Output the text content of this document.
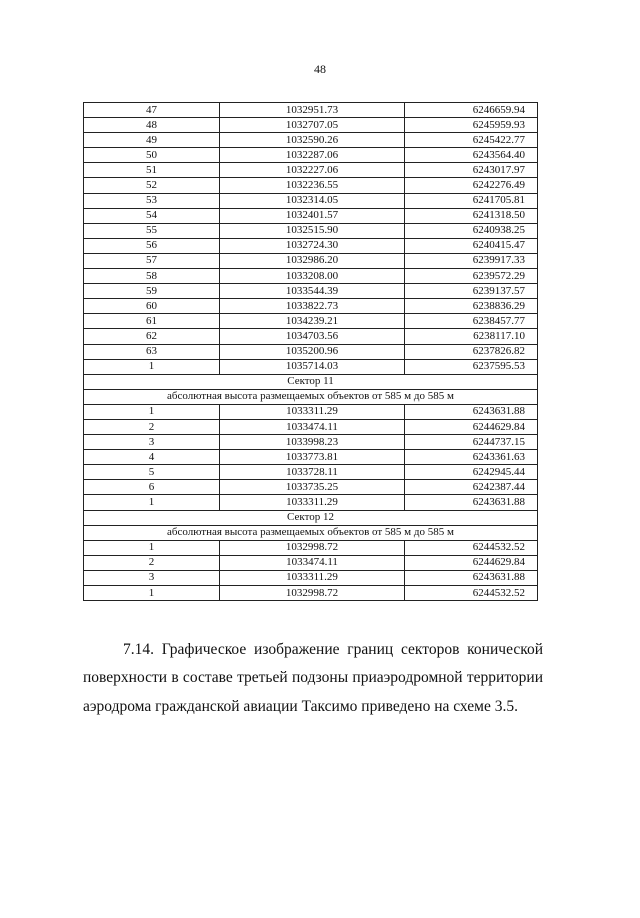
48
47	1032951.73	6246659.94
48	1032707.05	6245959.93
49	1032590.26	6245422.77
50	1032287.06	6243564.40
51	1032227.06	6243017.97
52	1032236.55	6242276.49
53	1032314.05	6241705.81
54	1032401.57	6241318.50
55	1032515.90	6240938.25
56	1032724.30	6240415.47
57	1032986.20	6239917.33
58	1033208.00	6239572.29
59	1033544.39	6239137.57
60	1033822.73	6238836.29
61	1034239.21	6238457.77
62	1034703.56	6238117.10
63	1035200.96	6237826.82
1	1035714.03	6237595.53
Сектор 11		
абсолютная высота размещаемых объектов от 585 м до 585 м		
1	1033311.29	6243631.88
2	1033474.11	6244629.84
3	1033998.23	6244737.15
4	1033773.81	6243361.63
5	1033728.11	6242945.44
6	1033735.25	6242387.44
1	1033311.29	6243631.88
Сектор 12		
абсолютная высота размещаемых объектов от 585 м до 585 м		
1	1032998.72	6244532.52
2	1033474.11	6244629.84
3	1033311.29	6243631.88
1	1032998.72	6244532.52

7.14. Графическое изображение границ секторов конической поверхности в составе третьей подзоны приаэродромной территории аэродрома гражданской авиации Таксимо приведено на схеме 3.5.
